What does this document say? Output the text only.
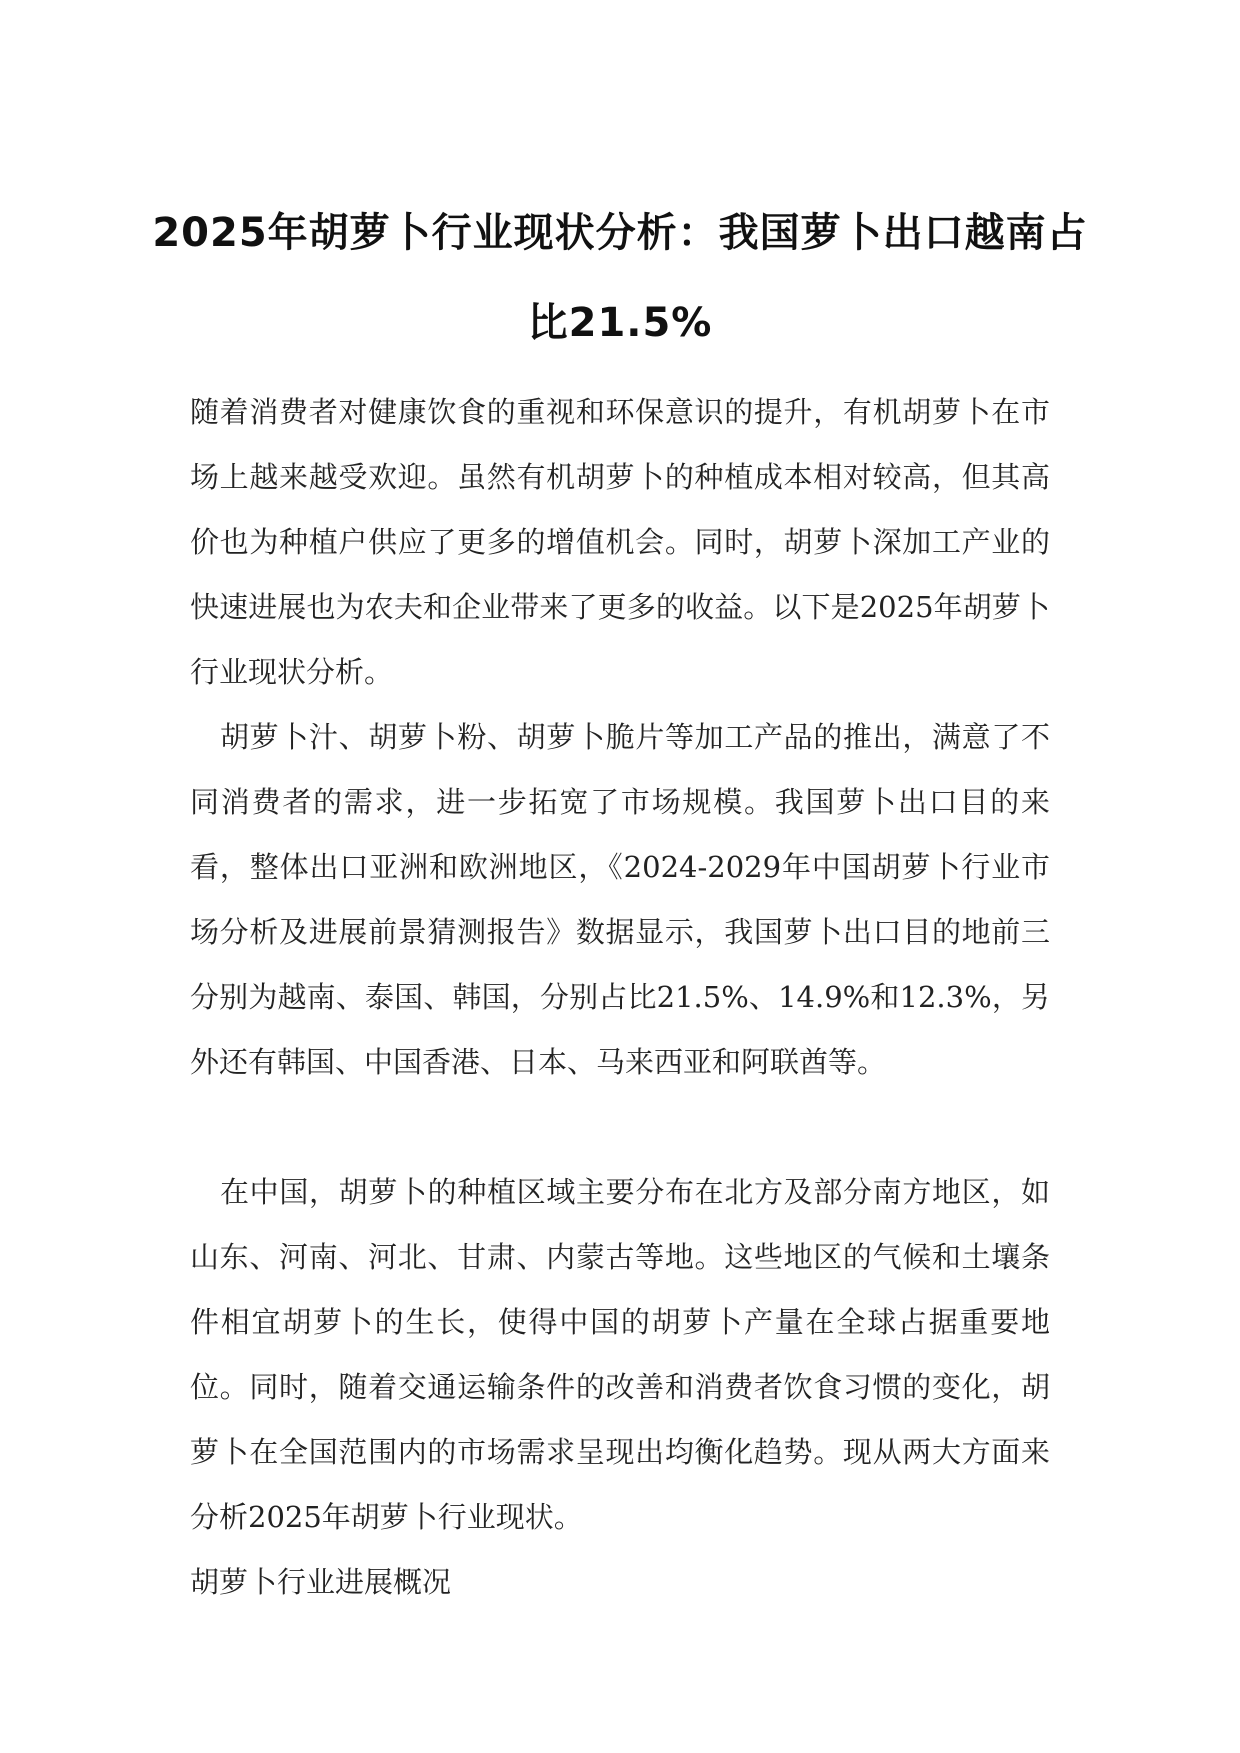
2025年胡萝卜行业现状分析：我国萝卜出口越南占比21.5%

随着消费者对健康饮食的重视和环保意识的提升，有机胡萝卜在市场上越来越受欢迎。虽然有机胡萝卜的种植成本相对较高，但其高价也为种植户供应了更多的增值机会。同时，胡萝卜深加工产业的快速进展也为农夫和企业带来了更多的收益。以下是2025年胡萝卜行业现状分析。

胡萝卜汁、胡萝卜粉、胡萝卜脆片等加工产品的推出，满意了不同消费者的需求，进一步拓宽了市场规模。我国萝卜出口目的来看，整体出口亚洲和欧洲地区，《2024-2029年中国胡萝卜行业市场分析及进展前景猜测报告》数据显示，我国萝卜出口目的地前三分别为越南、泰国、韩国，分别占比21.5%、14.9%和12.3%，另外还有韩国、中国香港、日本、马来西亚和阿联酋等。

在中国，胡萝卜的种植区域主要分布在北方及部分南方地区，如山东、河南、河北、甘肃、内蒙古等地。这些地区的气候和土壤条件相宜胡萝卜的生长，使得中国的胡萝卜产量在全球占据重要地位。同时，随着交通运输条件的改善和消费者饮食习惯的变化，胡萝卜在全国范围内的市场需求呈现出均衡化趋势。现从两大方面来分析2025年胡萝卜行业现状。

胡萝卜行业进展概况
